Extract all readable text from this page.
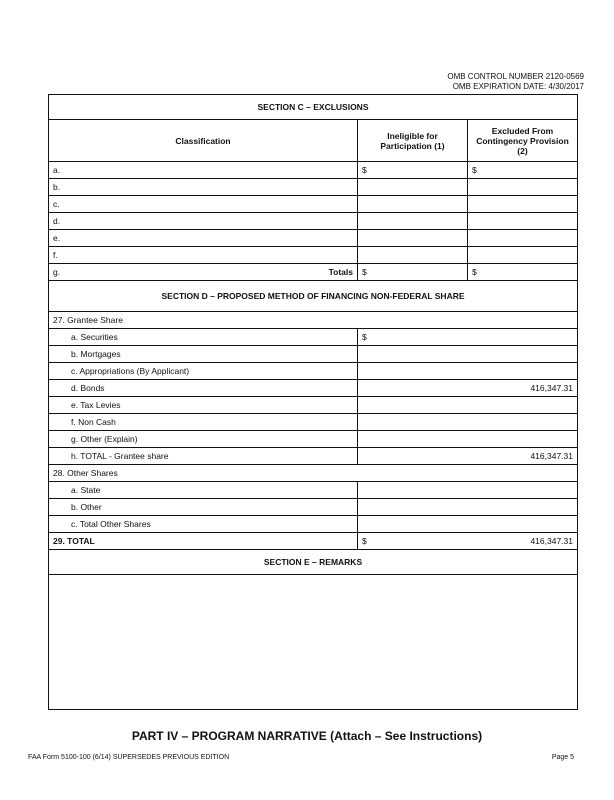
OMB CONTROL NUMBER 2120-0569
OMB EXPIRATION DATE: 4/30/2017
SECTION C – EXCLUSIONS		
Classification	Ineligible for Participation (1)	Excluded From Contingency Provision (2)
a.	$	$
b.		
c.		
d.		
e.		
f.		
g. Totals	$	$
SECTION D – PROPOSED METHOD OF FINANCING NON-FEDERAL SHARE		
27. Grantee Share		
a. Securities	$	
b. Mortgages		
c. Appropriations (By Applicant)		
d. Bonds	416,347.31	
e. Tax Levies		
f. Non Cash		
g. Other (Explain)		
h. TOTAL - Grantee share	416,347.31	
28. Other Shares		
a. State		
b. Other		
c. Total Other Shares		
29. TOTAL	$ 416,347.31	

SECTION E – REMARKS		

PART IV – PROGRAM NARRATIVE (Attach – See Instructions)
FAA Form 5100-100 (6/14) SUPERSEDES PREVIOUS EDITION	Page 5
